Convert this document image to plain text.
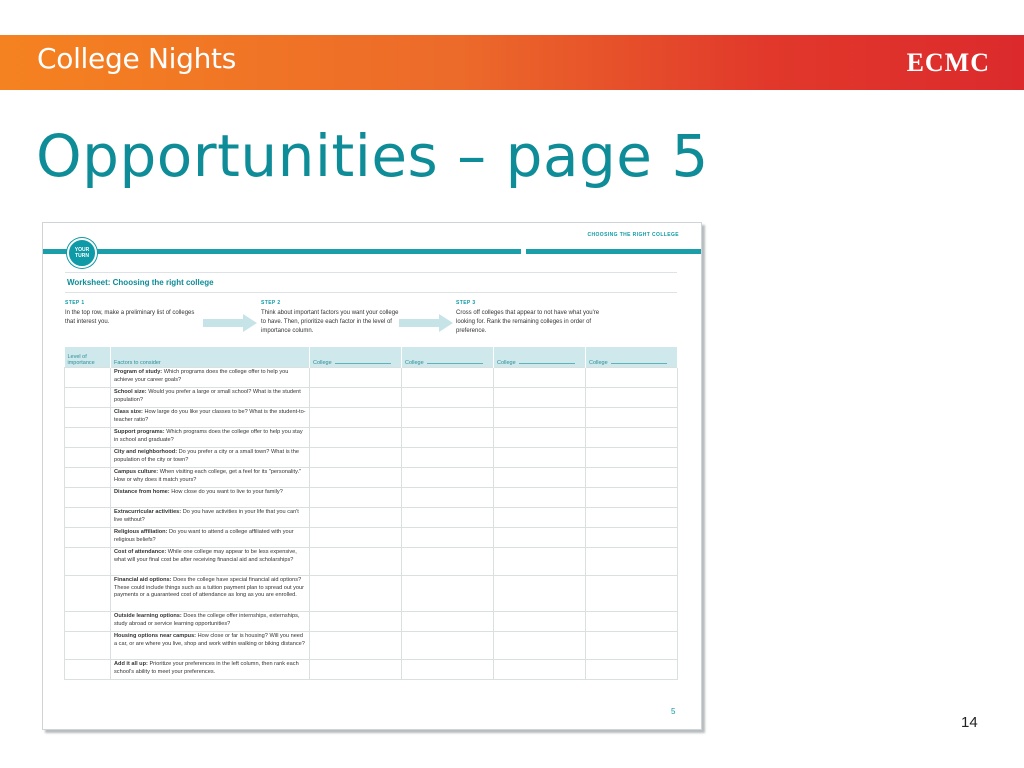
College Nights	ECMC
Opportunities – page 5
CHOOSING THE RIGHT COLLEGE
YOUR TURN
Worksheet: Choosing the right college
STEP 1
In the top row, make a preliminary list of colleges that interest you.
STEP 2
Think about important factors you want your college to have. Then, prioritize each factor in the level of importance column.
STEP 3
Cross off colleges that appear to not have what you're looking for. Rank the remaining colleges in order of preference.
Level of importance	Factors to consider	College	College	College	College
	Program of study: Which programs does the college offer to help you achieve your career goals?				
	School size: Would you prefer a large or small school? What is the student population?				
	Class size: How large do you like your classes to be? What is the student-to-teacher ratio?				
	Support programs: Which programs does the college offer to help you stay in school and graduate?				
	City and neighborhood: Do you prefer a city or a small town? What is the population of the city or town?				
	Campus culture: When visiting each college, get a feel for its "personality." How or why does it match yours?				
	Distance from home: How close do you want to live to your family?				
	Extracurricular activities: Do you have activities in your life that you can't live without?				
	Religious affiliation: Do you want to attend a college affiliated with your religious beliefs?				
	Cost of attendance: While one college may appear to be less expensive, what will your final cost be after receiving financial aid and scholarships?				
	Financial aid options: Does the college have special financial aid options? These could include things such as a tuition payment plan to spread out your payments or a guaranteed cost of attendance as long as you are enrolled.				
	Outside learning options: Does the college offer internships, externships, study abroad or service learning opportunities?				
	Housing options near campus: How close or far is housing? Will you need a car, or are where you live, shop and work within walking or biking distance?				
	Add it all up: Prioritize your preferences in the left column, then rank each school's ability to meet your preferences.				
5
14
